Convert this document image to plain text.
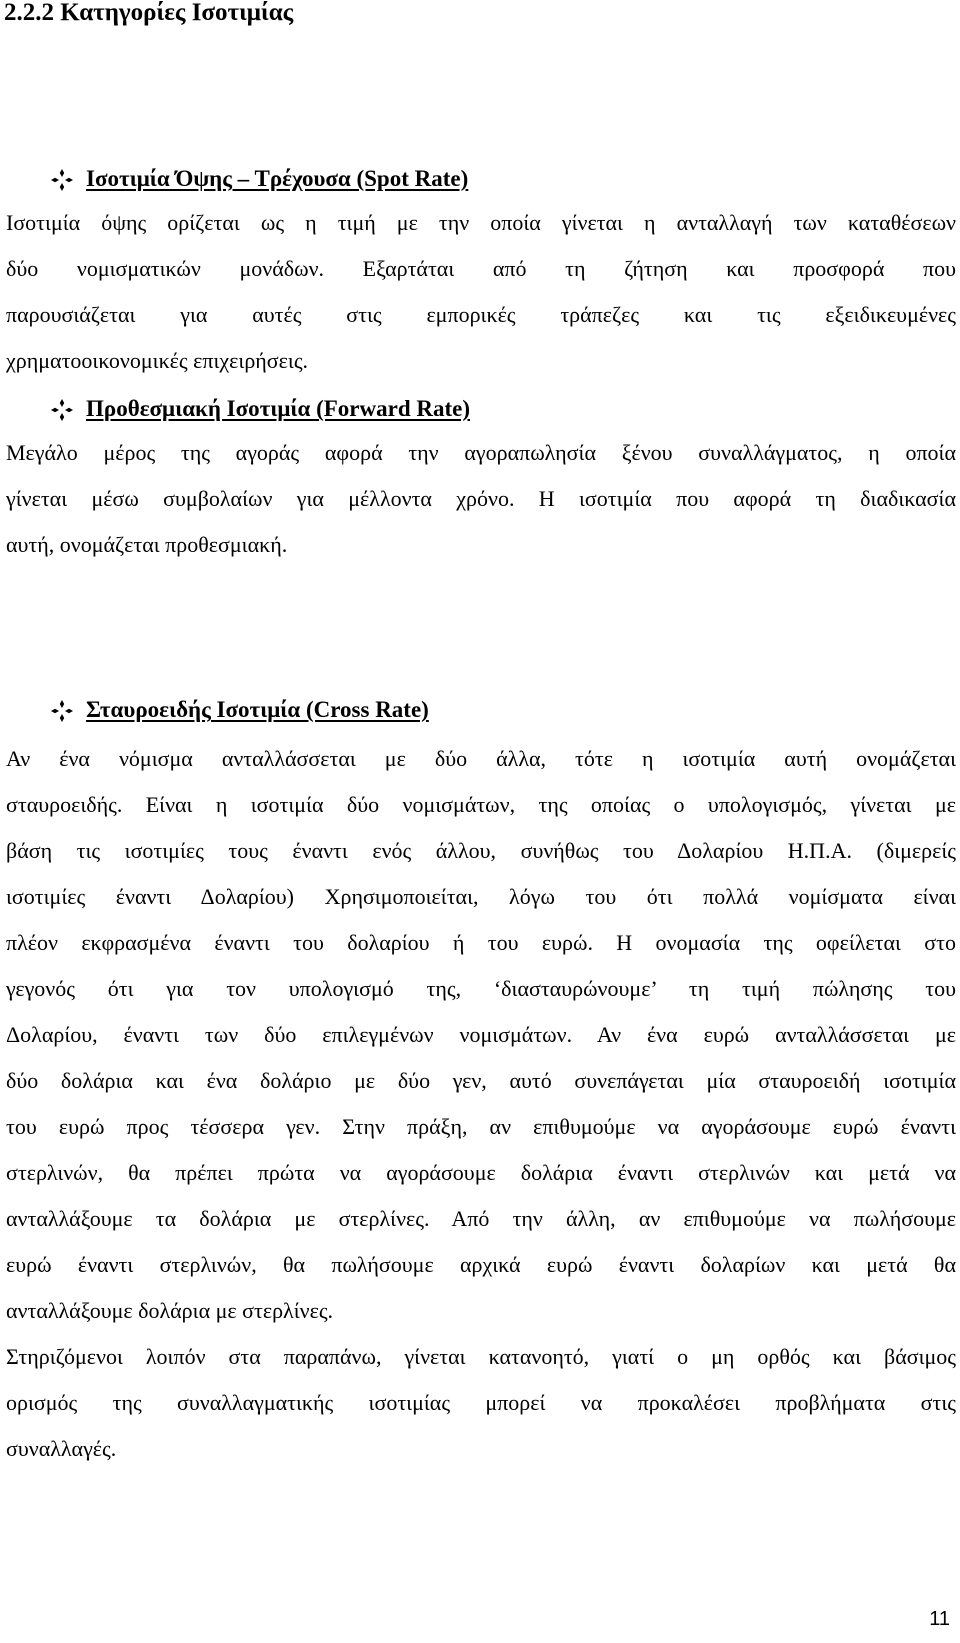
2.2.2 Κατηγορίες Ισοτιμίας
Ισοτιμία Όψης – Τρέχουσα (Spot Rate)
Ισοτιμία όψης ορίζεται ως η τιμή με την οποία γίνεται η ανταλλαγή των καταθέσεων
δύο νομισματικών μονάδων. Εξαρτάται από τη ζήτηση και προσφορά που
παρουσιάζεται για αυτές στις εμπορικές τράπεζες και τις εξειδικευμένες
χρηματοοικονομικές επιχειρήσεις.
Προθεσμιακή Ισοτιμία (Forward Rate)
Μεγάλο μέρος της αγοράς αφορά την αγοραπωλησία ξένου συναλλάγματος, η οποία
γίνεται μέσω συμβολαίων για μέλλοντα χρόνο. Η ισοτιμία που αφορά τη διαδικασία
αυτή, ονομάζεται προθεσμιακή.
Σταυροειδής Ισοτιμία (Cross Rate)
Αν ένα νόμισμα ανταλλάσσεται με δύο άλλα, τότε η ισοτιμία αυτή ονομάζεται
σταυροειδής. Είναι η ισοτιμία δύο νομισμάτων, της οποίας ο υπολογισμός, γίνεται με
βάση τις ισοτιμίες τους έναντι ενός άλλου, συνήθως του Δολαρίου Η.Π.Α. (διμερείς
ισοτιμίες έναντι Δολαρίου) Χρησιμοποιείται, λόγω του ότι πολλά νομίσματα είναι
πλέον εκφρασμένα έναντι του δολαρίου ή του ευρώ. Η ονομασία της οφείλεται στο
γεγονός ότι για τον υπολογισμό της, ‘διασταυρώνουμε’ τη τιμή πώλησης του
Δολαρίου, έναντι των δύο επιλεγμένων νομισμάτων. Αν ένα ευρώ ανταλλάσσεται με
δύο δολάρια και ένα δολάριο με δύο γεν, αυτό συνεπάγεται μία σταυροειδή ισοτιμία
του ευρώ προς τέσσερα γεν. Στην πράξη, αν επιθυμούμε να αγοράσουμε ευρώ έναντι
στερλινών, θα πρέπει πρώτα να αγοράσουμε δολάρια έναντι στερλινών και μετά να
ανταλλάξουμε τα δολάρια με στερλίνες. Από την άλλη, αν επιθυμούμε να πωλήσουμε
ευρώ έναντι στερλινών, θα πωλήσουμε αρχικά ευρώ έναντι δολαρίων και μετά θα
ανταλλάξουμε δολάρια με στερλίνες.
Στηριζόμενοι λοιπόν στα παραπάνω, γίνεται κατανοητό, γιατί ο μη ορθός και βάσιμος
ορισμός της συναλλαγματικής ισοτιμίας μπορεί να προκαλέσει προβλήματα στις
συναλλαγές.
11
